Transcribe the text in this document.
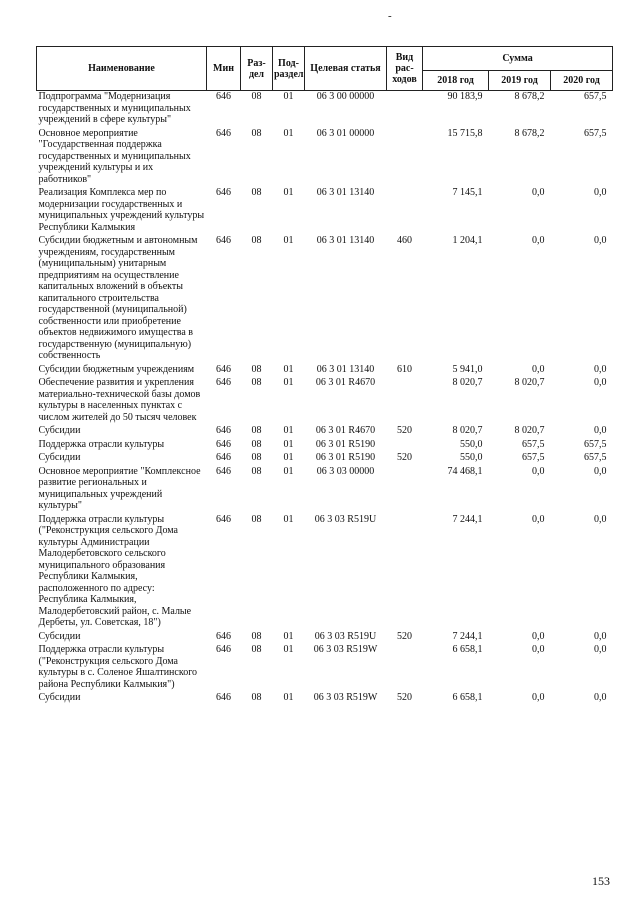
-
Наименование	Мин	Раз-дел	Под-раздел	Целевая статья	Вид рас-ходов	Сумма		
						2018 год	2019 год	2020 год
Подпрограмма "Модернизация государственных и муниципальных учреждений в сфере культуры"	646	08	01	06 3 00 00000		90 183,9	8 678,2	657,5
Основное мероприятие "Государственная поддержка государственных и муниципальных учреждений культуры и их работников"	646	08	01	06 3 01 00000		15 715,8	8 678,2	657,5
Реализация Комплекса мер по модернизации государственных и муниципальных учреждений культуры Республики Калмыкия	646	08	01	06 3 01 13140		7 145,1	0,0	0,0
Субсидии бюджетным и автономным учреждениям, государственным (муниципальным) унитарным предприятиям на осуществление капитальных вложений в объекты капитального строительства государственной (муниципальной) собственности или приобретение объектов недвижимого имущества в государственную (муниципальную) собственность	646	08	01	06 3 01 13140	460	1 204,1	0,0	0,0
Субсидии бюджетным учреждениям	646	08	01	06 3 01 13140	610	5 941,0	0,0	0,0
Обеспечение развития и укрепления материально-технической базы домов культуры в населенных пунктах с числом жителей до 50 тысяч человек	646	08	01	06 3 01 R4670		8 020,7	8 020,7	0,0
Субсидии	646	08	01	06 3 01 R4670	520	8 020,7	8 020,7	0,0
Поддержка отрасли культуры	646	08	01	06 3 01 R5190		550,0	657,5	657,5
Субсидии	646	08	01	06 3 01 R5190	520	550,0	657,5	657,5
Основное мероприятие "Комплексное развитие региональных и муниципальных учреждений культуры"	646	08	01	06 3 03 00000		74 468,1	0,0	0,0
Поддержка отрасли культуры ("Реконструкция сельского Дома культуры Администрации Малодербетовского сельского муниципального образования Республики Калмыкия, расположенного по адресу: Республика Калмыкия, Малодербетовский район, с. Малые Дербеты, ул. Советская, 18")	646	08	01	06 3 03 R519U		7 244,1	0,0	0,0
Субсидии	646	08	01	06 3 03 R519U	520	7 244,1	0,0	0,0
Поддержка отрасли культуры ("Реконструкция сельского Дома культуры в с. Соленое Яшалтинского района Республики Калмыкия")	646	08	01	06 3 03 R519W		6 658,1	0,0	0,0
Субсидии	646	08	01	06 3 03 R519W	520	6 658,1	0,0	0,0
153
